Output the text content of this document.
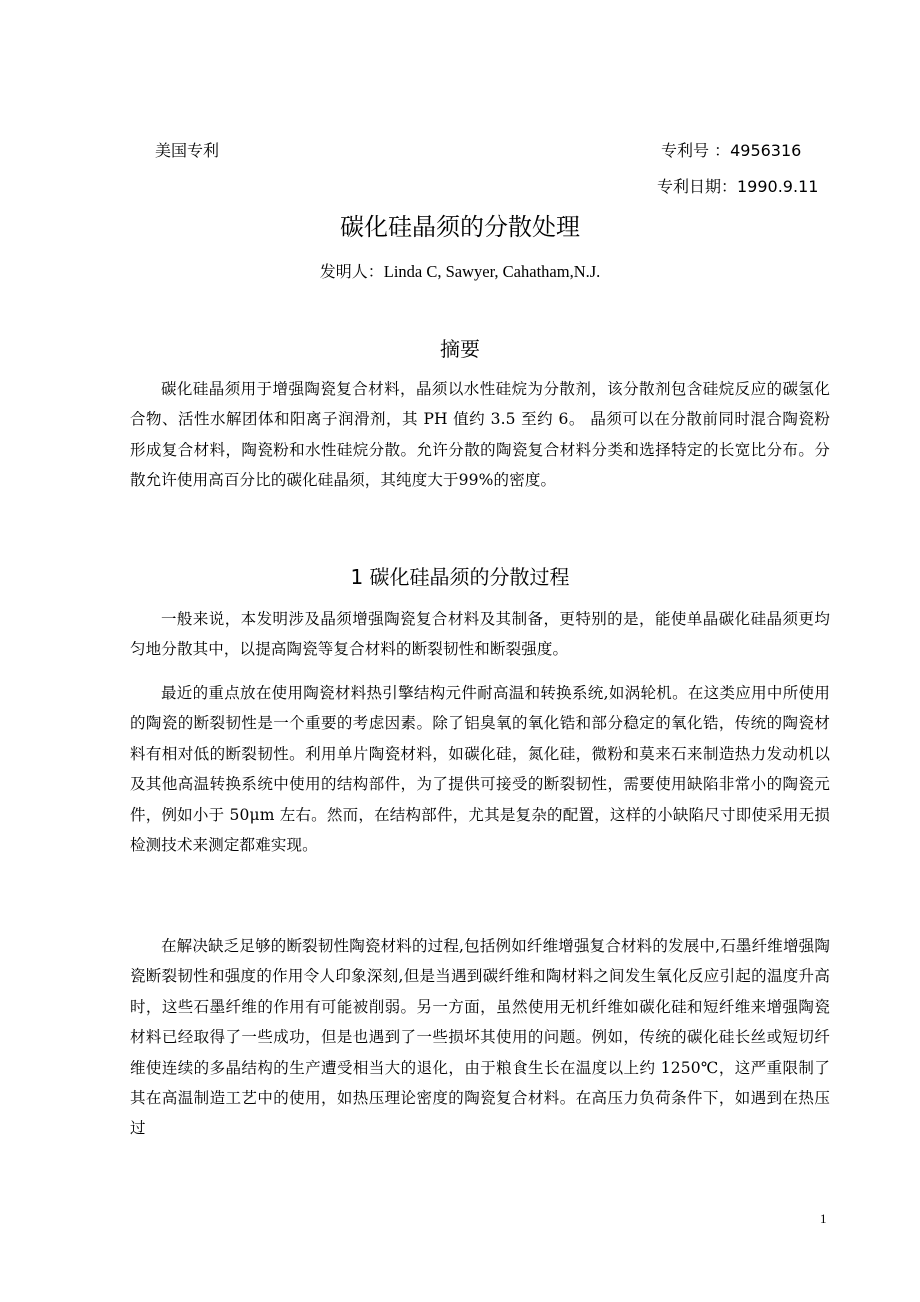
美国专利	专利号 ：4956316
专利日期：1990.9.11
碳化硅晶须的分散处理
发明人：Linda C, Sawyer, Cahatham,N.J.
摘要
碳化硅晶须用于增强陶瓷复合材料，晶须以水性硅烷为分散剂，该分散剂包含硅烷反应的碳氢化合物、活性水解团体和阳离子润滑剂，其 PH 值约 3.5 至约 6。 晶须可以在分散前同时混合陶瓷粉形成复合材料，陶瓷粉和水性硅烷分散。允许分散的陶瓷复合材料分类和选择特定的长宽比分布。分散允许使用高百分比的碳化硅晶须，其纯度大于99%的密度。
1 碳化硅晶须的分散过程
一般来说，本发明涉及晶须增强陶瓷复合材料及其制备，更特别的是，能使单晶碳化硅晶须更均匀地分散其中，以提高陶瓷等复合材料的断裂韧性和断裂强度。
最近的重点放在使用陶瓷材料热引擎结构元件耐高温和转换系统,如涡轮机。在这类应用中所使用的陶瓷的断裂韧性是一个重要的考虑因素。除了铝臭氧的氧化锆和部分稳定的氧化锆，传统的陶瓷材料有相对低的断裂韧性。利用单片陶瓷材料，如碳化硅，氮化硅，微粉和莫来石来制造热力发动机以及其他高温转换系统中使用的结构部件，为了提供可接受的断裂韧性，需要使用缺陷非常小的陶瓷元件，例如小于 50μm 左右。然而，在结构部件，尤其是复杂的配置，这样的小缺陷尺寸即使采用无损检测技术来测定都难实现。
在解决缺乏足够的断裂韧性陶瓷材料的过程,包括例如纤维增强复合材料的发展中,石墨纤维增强陶瓷断裂韧性和强度的作用令人印象深刻,但是当遇到碳纤维和陶材料之间发生氧化反应引起的温度升高时，这些石墨纤维的作用有可能被削弱。另一方面，虽然使用无机纤维如碳化硅和短纤维来增强陶瓷材料已经取得了一些成功，但是也遇到了一些损坏其使用的问题。例如，传统的碳化硅长丝或短切纤维使连续的多晶结构的生产遭受相当大的退化，由于粮食生长在温度以上约 1250℃，这严重限制了其在高温制造工艺中的使用，如热压理论密度的陶瓷复合材料。在高压力负荷条件下，如遇到在热压过
1
